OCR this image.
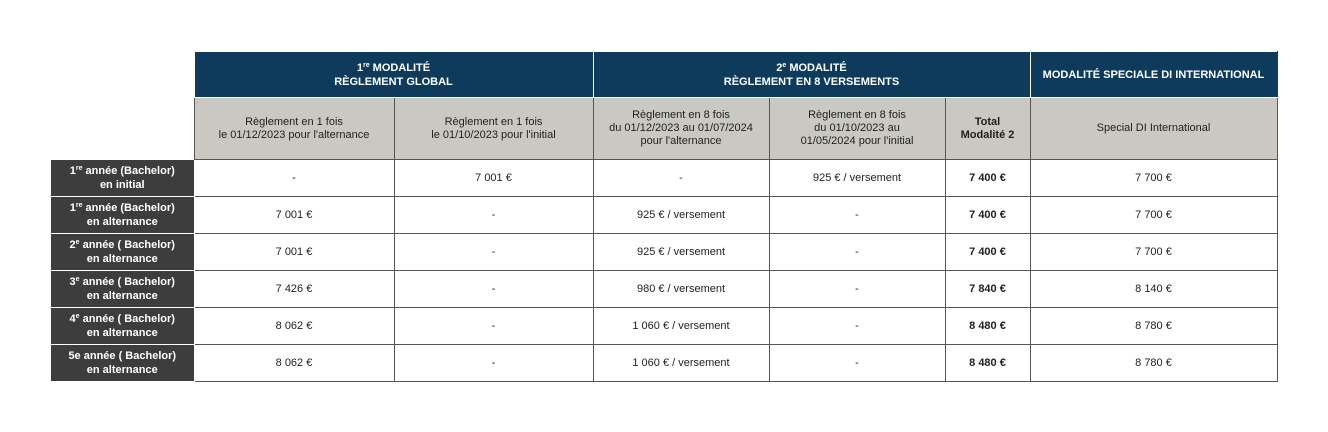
	1re MODALITÉ
RÈGLEMENT GLOBAL		2e MODALITÉ
RÈGLEMENT EN 8 VERSEMENTS			MODALITÉ SPECIALE DI INTERNATIONAL

	Règlement en 1 fois
le 01/12/2023 pour l'alternance	Règlement en 1 fois
le 01/10/2023 pour l'initial	Règlement en 8 fois
du 01/12/2023 au 01/07/2024
pour l'alternance	Règlement en 8 fois
du 01/10/2023 au
01/05/2024 pour l'initial	Total
Modalité 2	Special DI International

1re année (Bachelor)
en initial	-	7 001 €	-	925 € / versement	7 400 €	7 700 €

1re année (Bachelor)
en alternance	7 001 €	-	925 € / versement	-	7 400 €	7 700 €

2e année ( Bachelor)
en alternance	7 001 €	-	925 € / versement	-	7 400 €	7 700 €

3e année ( Bachelor)
en alternance	7 426 €	-	980 € / versement	-	7 840 €	8 140 €

4e année ( Bachelor)
en alternance	8 062 €	-	1 060 € / versement	-	8 480 €	8 780 €

5e année ( Bachelor)
en alternance	8 062 €	-	1 060 € / versement	-	8 480 €	8 780 €
